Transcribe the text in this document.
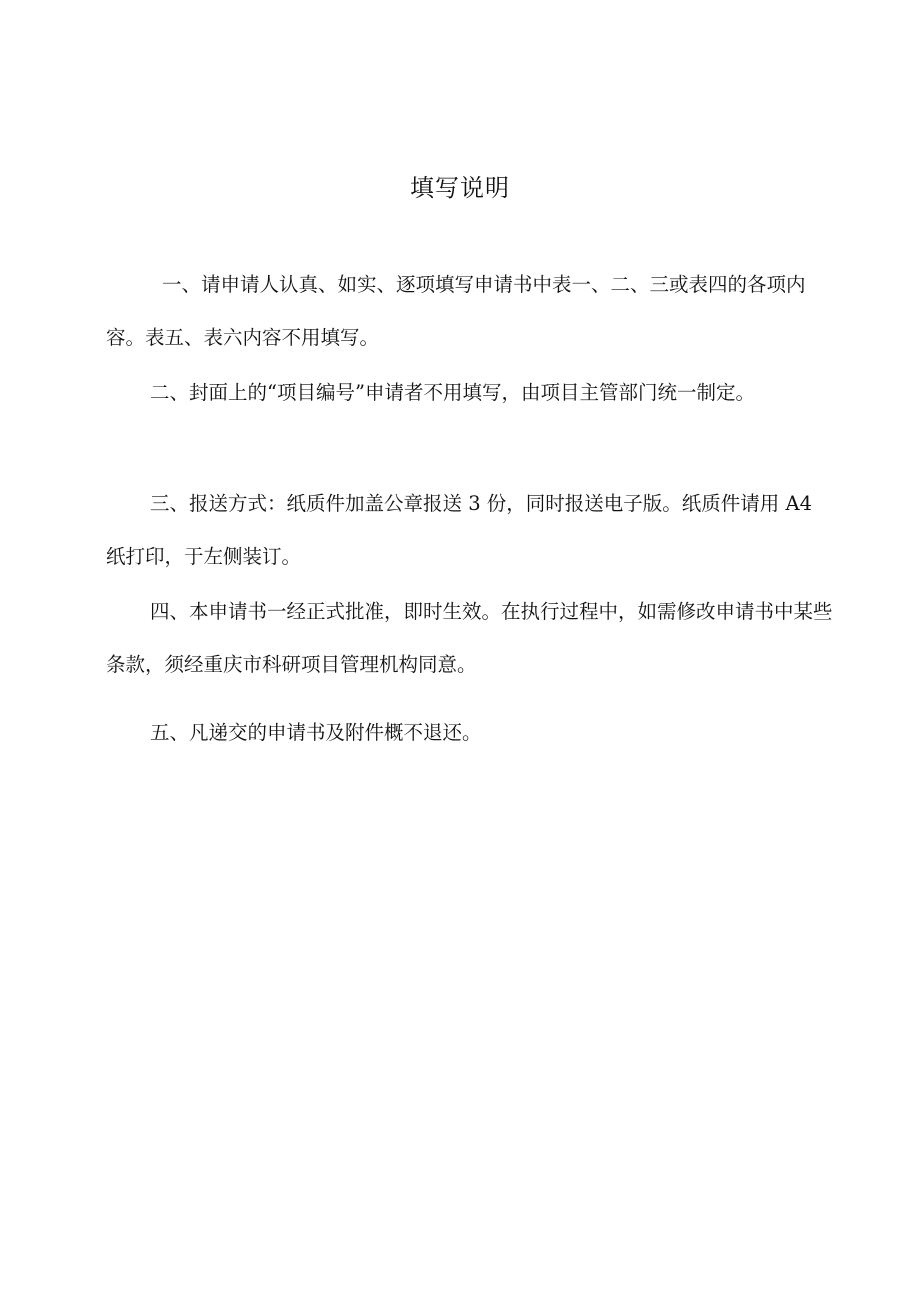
填写说明

一、请申请人认真、如实、逐项填写申请书中表一、二、三或表四的各项内容。表五、表六内容不用填写。

二、封面上的“项目编号”申请者不用填写，由项目主管部门统一制定。

三、报送方式：纸质件加盖公章报送 3 份，同时报送电子版。纸质件请用 A4 纸打印，于左侧装订。

四、本申请书一经正式批准，即时生效。在执行过程中，如需修改申请书中某些条款，须经重庆市科研项目管理机构同意。

五、凡递交的申请书及附件概不退还。
